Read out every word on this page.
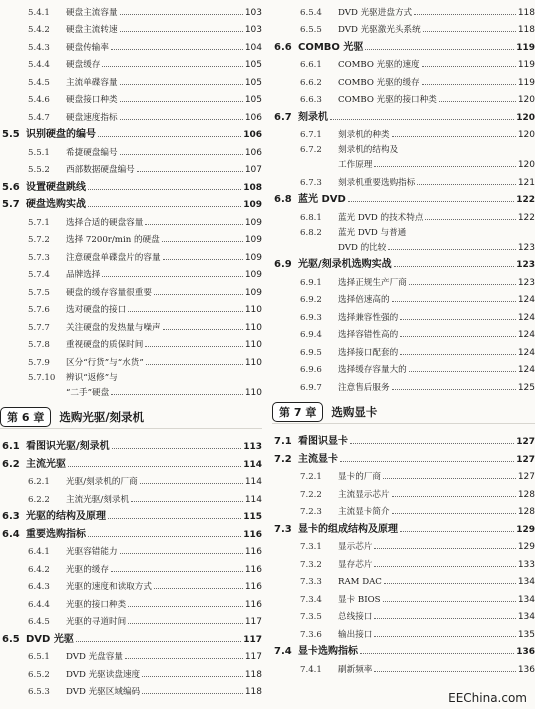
5.4.1	硬盘主流容量	103
5.4.2	硬盘主流转速	103
5.4.3	硬盘传输率	104
5.4.4	硬盘缓存	105
5.4.5	主流单碟容量	105
5.4.6	硬盘接口种类	105
5.4.7	硬盘速度指标	106
5.5 识别硬盘的编号	106
5.5.1	希捷硬盘编号	106
5.5.2	西部数据硬盘编号	107
5.6 设置硬盘跳线	108
5.7 硬盘选购实战	109
5.7.1	选择合适的硬盘容量	109
5.7.2	选择 7200r/min 的硬盘	109
5.7.3	注意硬盘单碟盘片的容量	109
5.7.4	品牌选择	109
5.7.5	硬盘的缓存容量很重要	109
5.7.6	选对硬盘的接口	110
5.7.7	关注硬盘的发热量与噪声	110
5.7.8	重视硬盘的质保时间	110
5.7.9	区分“行货”与“水货”	110
5.7.10	辨识“返修”与
“二手”硬盘	110
第 6 章	选购光驱/刻录机
6.1 看图识光驱/刻录机	113
6.2 主流光驱	114
6.2.1	光驱/刻录机的厂商	114
6.2.2	主流光驱/刻录机	114
6.3 光驱的结构及原理	115
6.4 重要选购指标	116
6.4.1	光驱容错能力	116
6.4.2	光驱的缓存	116
6.4.3	光驱的速度和读取方式	116
6.4.4	光驱的接口种类	116
6.4.5	光驱的寻道时间	117
6.5 DVD 光驱	117
6.5.1	DVD 光盘容量	117
6.5.2	DVD 光驱读盘速度	118
6.5.3	DVD 光驱区域编码	118
6.5.4	DVD 光驱进盘方式	118
6.5.5	DVD 光驱激光头系统	118
6.6 COMBO 光驱	119
6.6.1	COMBO 光驱的速度	119
6.6.2	COMBO 光驱的缓存	119
6.6.3	COMBO 光驱的接口种类	120
6.7 刻录机	120
6.7.1	刻录机的种类	120
6.7.2	刻录机的结构及
工作原理	120
6.7.3	刻录机重要选购指标	121
6.8 蓝光 DVD	122
6.8.1	蓝光 DVD 的技术特点	122
6.8.2	蓝光 DVD 与普通
DVD 的比较	123
6.9 光驱/刻录机选购实战	123
6.9.1	选择正规生产厂商	123
6.9.2	选择倍速高的	124
6.9.3	选择兼容性强的	124
6.9.4	选择容错性高的	124
6.9.5	选择接口配套的	124
6.9.6	选择缓存容量大的	124
6.9.7	注意售后服务	125
第 7 章	选购显卡
7.1 看图识显卡	127
7.2 主流显卡	127
7.2.1	显卡的厂商	127
7.2.2	主流显示芯片	128
7.2.3	主流显卡简介	128
7.3 显卡的组成结构及原理	129
7.3.1	显示芯片	129
7.3.2	显存芯片	133
7.3.3	RAM DAC	134
7.3.4	显卡 BIOS	134
7.3.5	总线接口	134
7.3.6	输出接口	135
7.4 显卡选购指标	136
7.4.1	刷新频率	136
EEChina.com
